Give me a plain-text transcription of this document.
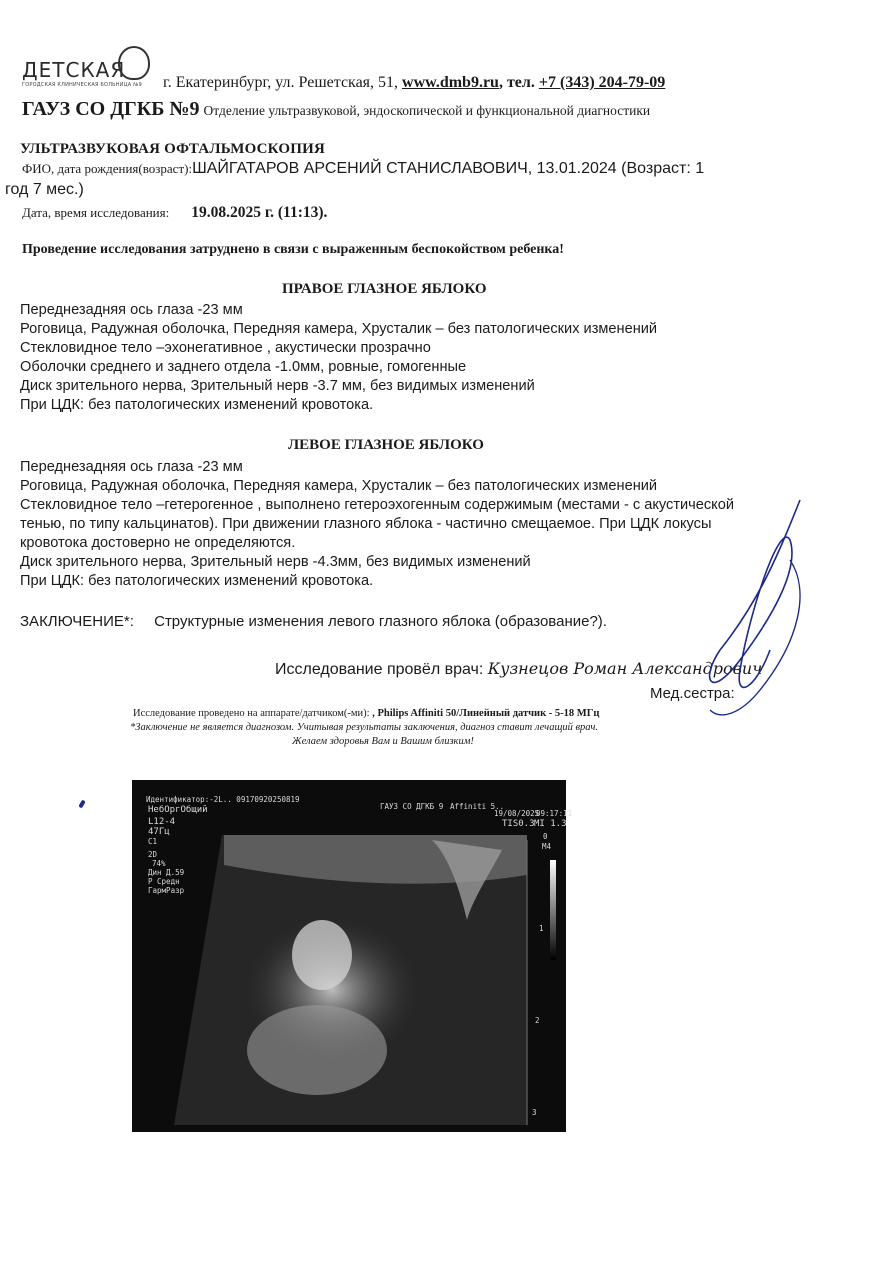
ДЕТСКАЯ
ГОРОДСКАЯ КЛИНИЧЕСКАЯ БОЛЬНИЦА №9 г. Екатеринбург, ул. Решетская, 51, www.dmb9.ru, тел. +7 (343) 204-79-09
ГАУЗ СО ДГКБ №9 Отделение ультразвуковой, эндоскопической и функциональной диагностики
УЛЬТРАЗВУКОВАЯ ОФТАЛЬМОСКОПИЯ
ФИО, дата рождения(возраст):ШАЙГАТАРОВ АРСЕНИЙ СТАНИСЛАВОВИЧ, 13.01.2024 (Возраст: 1
год 7 мес.)
Дата, время исследования: 19.08.2025 г. (11:13).
Проведение исследования затруднено в связи с выраженным беспокойством ребенка!
ПРАВОЕ ГЛАЗНОЕ ЯБЛОКО
Переднезадняя ось глаза -23 мм
Роговица, Радужная оболочка, Передняя камера, Хрусталик – без патологических изменений
Стекловидное тело –эхонегативное , акустически прозрачно
Оболочки среднего и заднего отдела -1.0мм, ровные, гомогенные
Диск зрительного нерва, Зрительный нерв -3.7 мм, без видимых изменений
При ЦДК: без патологических изменений кровотока.
ЛЕВОЕ ГЛАЗНОЕ ЯБЛОКО
Переднезадняя ось глаза -23 мм
Роговица, Радужная оболочка, Передняя камера, Хрусталик – без патологических изменений
Стекловидное тело –гетерогенное , выполнено гетероэхогенным содержимым (местами - с акустической
тенью, по типу кальцинатов). При движении глазного яблока - частично смещаемое. При ЦДК локусы
кровотока достоверно не определяются.
Диск зрительного нерва, Зрительный нерв -4.3мм, без видимых изменений
При ЦДК: без патологических изменений кровотока.
ЗАКЛЮЧЕНИЕ*: Структурные изменения левого глазного яблока (образование?).
Исследование провёл врач: Кузнецов Роман Александрович
Мед.сестра:
Исследование проведено на аппарате/датчиком(-ми): , Philips Affiniti 50/Линейный датчик - 5-18 МГц
*Заключение не является диагнозом. Учитывая результаты заключения, диагноз ставит лечащий врач.
Желаем здоровья Вам и Вашим близким!
Идентификатор:-2L.. 09170920250819
НебОргОбщий
L12-4
47Гц
C1
2D
74%
Дин Д.59
Р Средн
ГармРазр
ГАУЗ СО ДГКБ 9 Affiniti 5..
19/08/2025
09:17:11
TIS0.3 MI 1.3
M4
0
1
2
3
